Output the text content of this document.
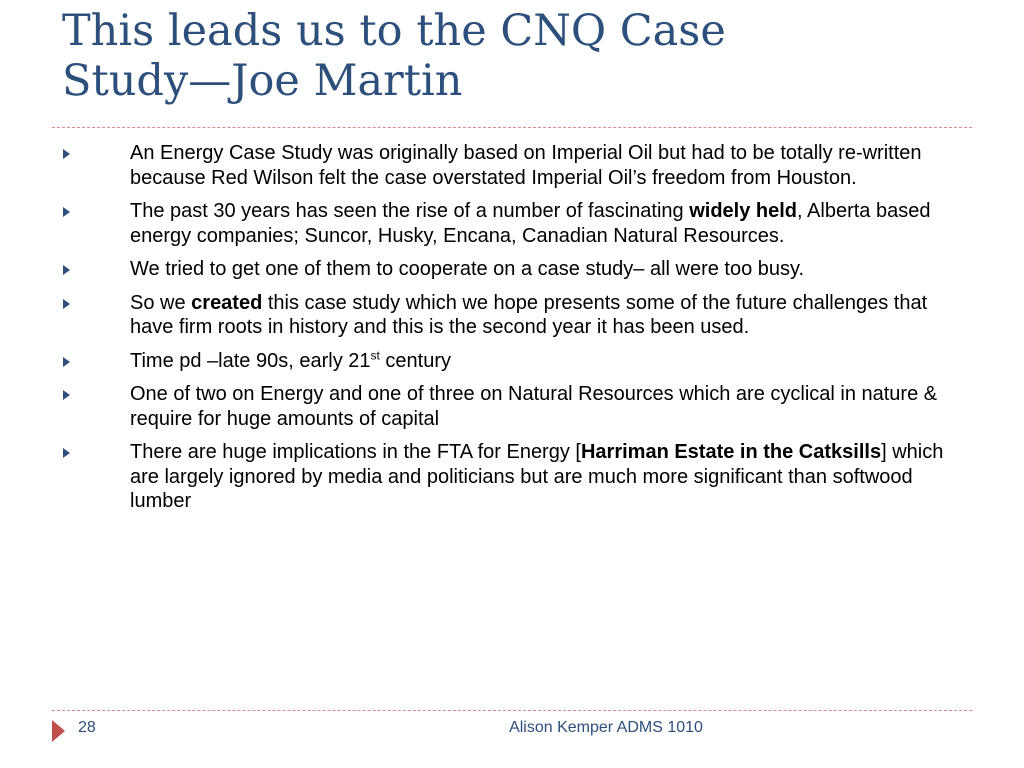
This leads us to the CNQ Case
Study—Joe Martin
An Energy Case Study was originally based on Imperial Oil but had to be totally re-written because Red Wilson felt the case overstated Imperial Oil’s freedom from Houston.
The past 30 years has seen the rise of a number of fascinating widely held, Alberta based energy companies; Suncor, Husky, Encana, Canadian Natural Resources.
We tried to get one of them to cooperate on a case study– all were too busy.
So we created this case study which we hope presents some of the future challenges that have firm roots in history and this is the second year it has been used.
Time pd –late 90s, early 21st century
One of two on Energy and one of three on Natural Resources which are cyclical in nature & require for huge amounts of capital
There are huge implications in the FTA for Energy [Harriman Estate in the Catksills] which are largely ignored by media and politicians but are much more significant than softwood lumber
28	Alison Kemper ADMS 1010
